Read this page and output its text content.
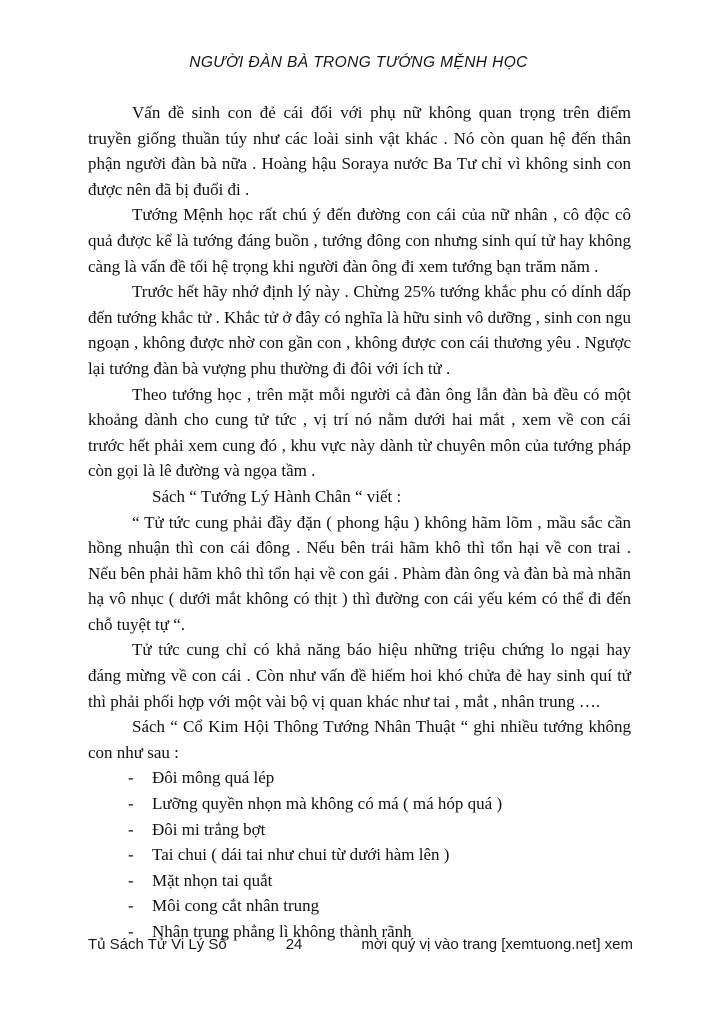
NGƯỜI ĐÀN BÀ TRONG TƯỚNG MỆNH HỌC

Vấn đề sinh con đẻ cái đối với phụ nữ không quan trọng trên điểm truyền giống thuần túy như các loài sinh vật khác . Nó còn quan hệ đến thân phận người đàn bà nữa . Hoàng hậu Soraya nước Ba Tư chỉ vì không sinh con được nên đã bị đuổi đi .

Tướng Mệnh học rất chú ý đến đường con cái của nữ nhân , cô độc cô quả được kể là tướng đáng buồn , tướng đông con nhưng sinh quí tử hay không càng là vấn đề tối hệ trọng khi người đàn ông đi xem tướng bạn trăm năm .

Trước hết hãy nhớ định lý này . Chừng 25% tướng khắc phu có dính dấp đến tướng khắc tử . Khắc tử ở đây có nghĩa là hữu sinh vô dưỡng , sinh con ngu ngoạn , không được nhờ con gần con , không được con cái thương yêu . Ngược lại tướng đàn bà vượng phu thường đi đôi với ích tử .

Theo tướng học , trên mặt mỗi người cả đàn ông lẫn đàn bà đều có một khoảng dành cho cung tử tức , vị trí nó nằm dưới hai mắt , xem về con cái trước hết phải xem cung đó , khu vực này dành từ chuyên môn của tướng pháp còn gọi là lê đường và ngọa tầm .

Sách “ Tướng Lý Hành Chân “ viết :

“ Tử tức cung phải đầy đặn ( phong hậu ) không hãm lõm , mầu sắc cần hồng nhuận thì con cái đông . Nếu bên trái hãm khô thì tổn hại về con trai . Nếu bên phải hãm khô thì tổn hại về con gái . Phàm đàn ông và đàn bà mà nhãn hạ vô nhục ( dưới mắt không có thịt ) thì đường con cái yếu kém có thể đi đến chỗ tuyệt tự “.

Tử tức cung chỉ có khả năng báo hiệu những triệu chứng lo ngại hay đáng mừng về con cái . Còn như vấn đề hiếm hoi khó chửa đẻ hay sinh quí tử thì phải phối hợp với một vài bộ vị quan khác như tai , mắt , nhân trung ….

Sách “ Cổ Kim Hội Thông Tướng Nhân Thuật “ ghi nhiều tướng không con như sau :

-	Đôi mông quá lép
-	Lưỡng quyền nhọn mà không có má ( má hóp quá )
-	Đôi mi trắng bợt
-	Tai chui ( dái tai như chui từ dưới hàm lên )
-	Mặt nhọn tai quắt
-	Môi cong cắt nhân trung
-	Nhân trung phẳng lì không thành rãnh
Tủ Sách Tử Vi Lý Số	24	mời quý vị vào trang [xemtuong.net] xem
